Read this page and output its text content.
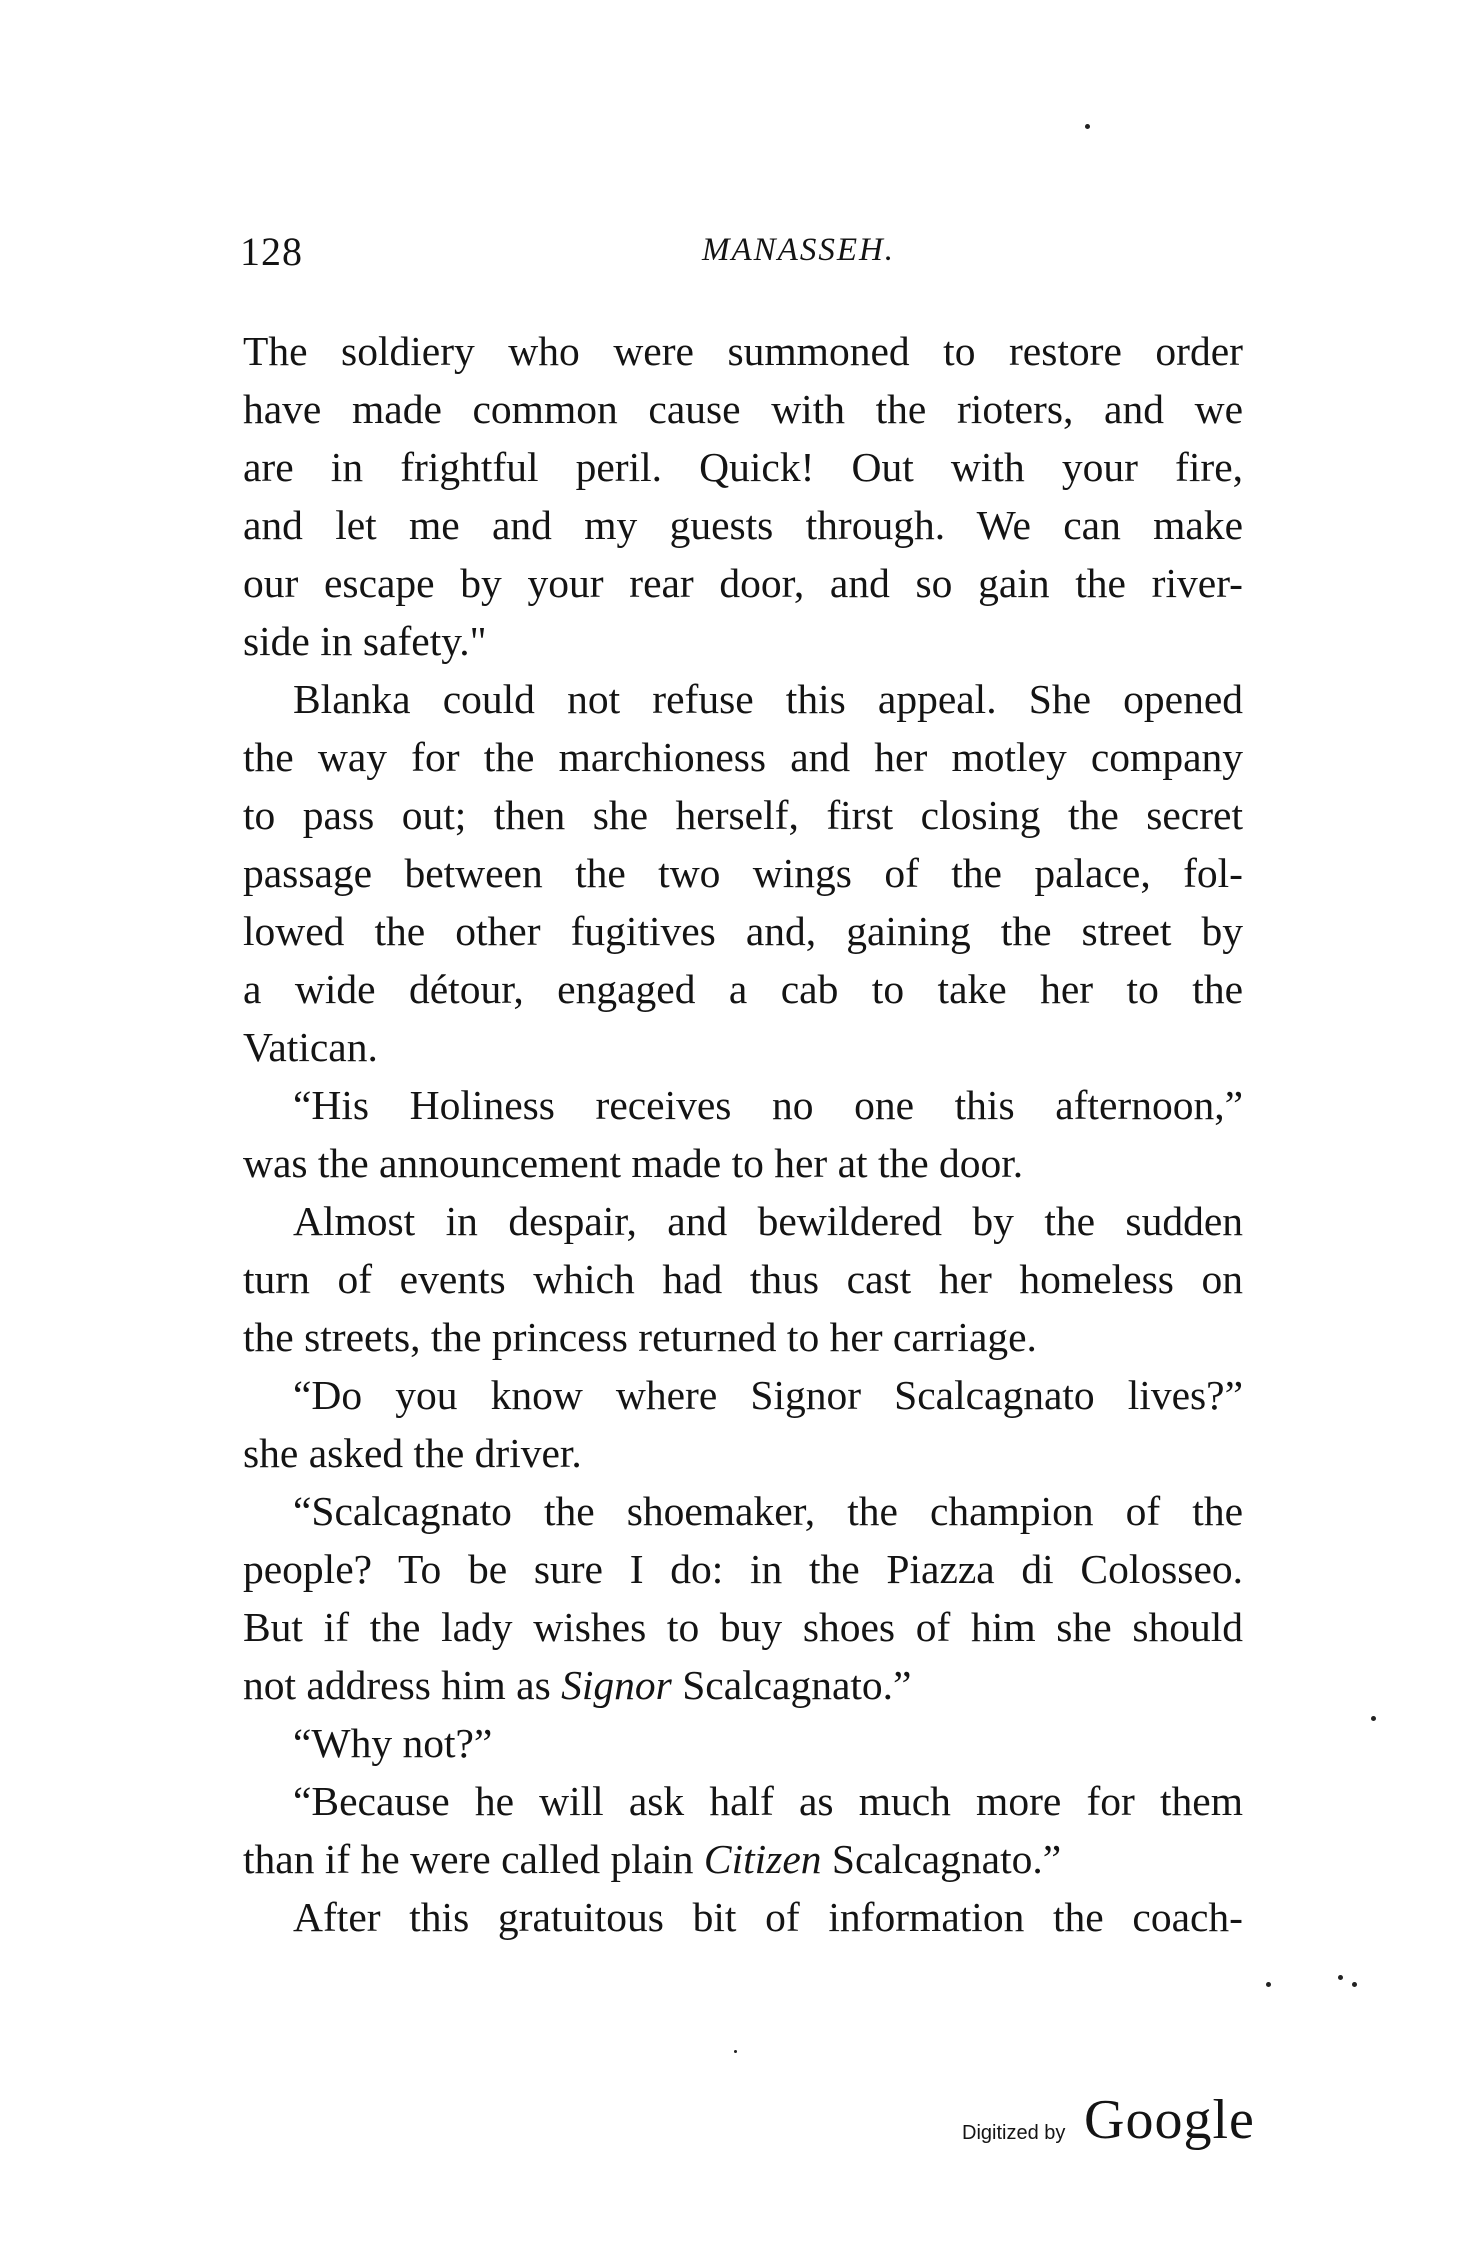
128	MANASSEH.
The soldiery who were summoned to restore order
have made common cause with the rioters, and we
are in frightful peril. Quick! Out with your fire,
and let me and my guests through. We can make
our escape by your rear door, and so gain the river-
side in safety."
Blanka could not refuse this appeal. She opened
the way for the marchioness and her motley company
to pass out; then she herself, first closing the secret
passage between the two wings of the palace, fol-
lowed the other fugitives and, gaining the street by
a wide détour, engaged a cab to take her to the
Vatican.
“His Holiness receives no one this afternoon,”
was the announcement made to her at the door.
Almost in despair, and bewildered by the sudden
turn of events which had thus cast her homeless on
the streets, the princess returned to her carriage.
“Do you know where Signor Scalcagnato lives?”
she asked the driver.
“Scalcagnato the shoemaker, the champion of the
people? To be sure I do: in the Piazza di Colosseo.
But if the lady wishes to buy shoes of him she should
not address him as Signor Scalcagnato.”
“Why not?”
“Because he will ask half as much more for them
than if he were called plain Citizen Scalcagnato.”
After this gratuitous bit of information the coach-
Digitized by Google
